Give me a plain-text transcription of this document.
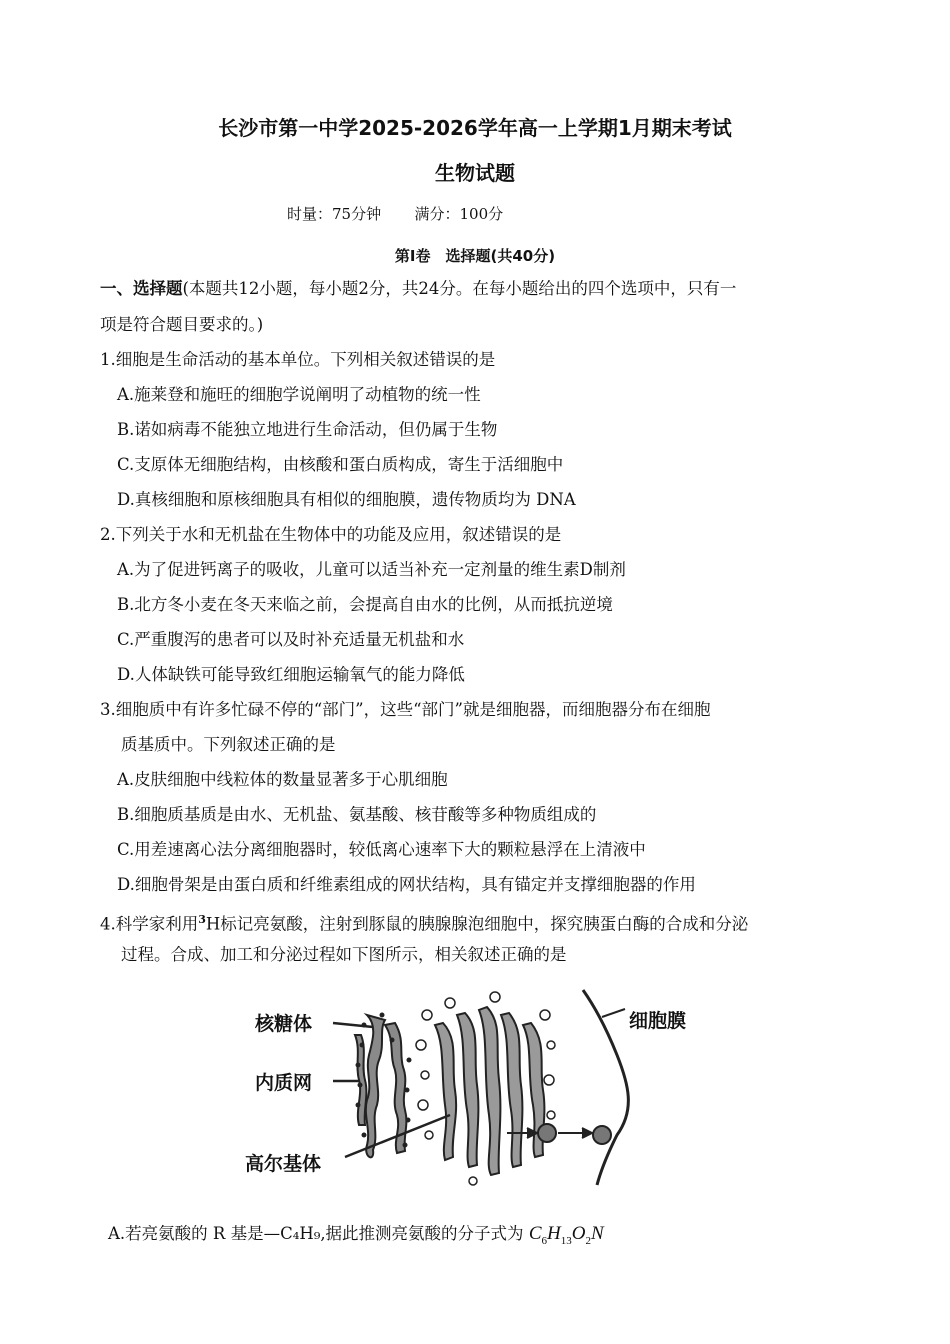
长沙市第一中学2025-2026学年高一上学期1月期末考试
生物试题
时量：75分钟 满分：100分
第Ⅰ卷　选择题(共40分)
一、选择题(本题共12小题，每小题2分，共24分。在每小题给出的四个选项中，只有一
项是符合题目要求的。)
1.细胞是生命活动的基本单位。下列相关叙述错误的是
A.施莱登和施旺的细胞学说阐明了动植物的统一性
B.诺如病毒不能独立地进行生命活动，但仍属于生物
C.支原体无细胞结构，由核酸和蛋白质构成，寄生于活细胞中
D.真核细胞和原核细胞具有相似的细胞膜，遗传物质均为 DNA
2.下列关于水和无机盐在生物体中的功能及应用，叙述错误的是
A.为了促进钙离子的吸收，儿童可以适当补充一定剂量的维生素D制剂
B.北方冬小麦在冬天来临之前，会提高自由水的比例，从而抵抗逆境
C.严重腹泻的患者可以及时补充适量无机盐和水
D.人体缺铁可能导致红细胞运输氧气的能力降低
3.细胞质中有许多忙碌不停的“部门”，这些“部门”就是细胞器，而细胞器分布在细胞
质基质中。下列叙述正确的是
A.皮肤细胞中线粒体的数量显著多于心肌细胞
B.细胞质基质是由水、无机盐、氨基酸、核苷酸等多种物质组成的
C.用差速离心法分离细胞器时，较低离心速率下大的颗粒悬浮在上清液中
D.细胞骨架是由蛋白质和纤维素组成的网状结构，具有锚定并支撑细胞器的作用
4.科学家利用$^3$H标记亮氨酸，注射到豚鼠的胰腺腺泡细胞中，探究胰蛋白酶的合成和分泌
过程。合成、加工和分泌过程如下图所示，相关叙述正确的是
核糖体
内质网
高尔基体
细胞膜
A.若亮氨酸的 R 基是—C₄H₉,据此推测亮氨酸的分子式为 $C_6H_{13}O_2N$
